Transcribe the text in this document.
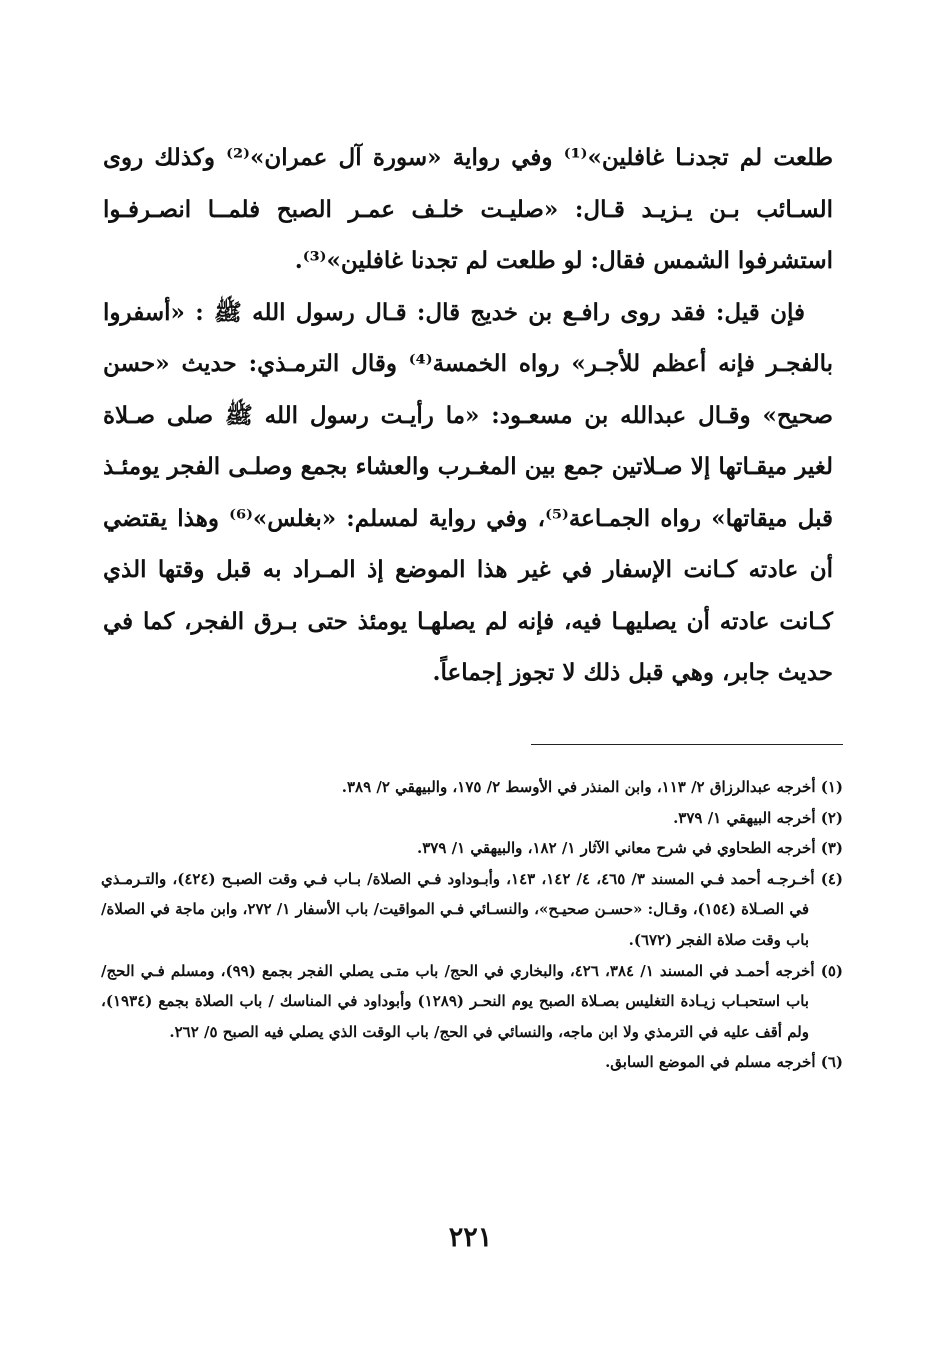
طلعت لم تجدنـا غافلين»⁽¹⁾ وفي رواية «سورة آل عمران»⁽²⁾ وكذلك روى السـائب بـن يـزيـد قـال: «صليـت خلـف عمـر الصبح فلمــا انصـرفـوا استشرفوا الشمس فقال: لو طلعت لم تجدنا غافلين»⁽³⁾.

فإن قيل: فقد روى رافـع بن خديج قال: قـال رسول الله ﷺ : «أسفروا بالفجـر فإنه أعظم للأجـر» رواه الخمسة⁽⁴⁾ وقال الترمـذي: حديث «حسن صحيح» وقـال عبدالله بن مسعـود: «ما رأيـت رسول الله ﷺ صلى صـلاة لغير ميقـاتها إلا صـلاتين جمع بين المغـرب والعشاء بجمع وصلـى الفجر يومئـذ قبل ميقاتها» رواه الجمـاعة⁽⁵⁾، وفي رواية لمسلم: «بغلس»⁽⁶⁾ وهذا يقتضي أن عادته كـانت الإسفار في غير هذا الموضع إذ المـراد به قبل وقتها الذي كـانت عادته أن يصليهـا فيه، فإنه لم يصلهـا يومئذ حتى بـرق الفجر، كما في حديث جابر، وهي قبل ذلك لا تجوز إجماعاً.

(١) أخرجه عبدالرزاق ٢/ ١١٣، وابن المنذر في الأوسط ٢/ ١٧٥، والبيهقي ٢/ ٣٨٩.
(٢) أخرجه البيهقي ١/ ٣٧٩.
(٣) أخرجه الطحاوي في شرح معاني الآثار ١/ ١٨٢، والبيهقي ١/ ٣٧٩.
(٤) أخـرجـه أحمد فـي المسند ٣/ ٤٦٥، ٤/ ١٤٢، ١٤٣، وأبـوداود فـي الصلاة/ بـاب فـي وقت الصبـح (٤٢٤)، والتـرمـذي في الصـلاة (١٥٤)، وقـال: «حسـن صحيـح»، والنسـائي فـي المواقيت/ باب الأسفار ١/ ٢٧٢، وابن ماجة في الصلاة/ باب وقت صلاة الفجر (٦٧٢).
(٥) أخرجه أحمـد في المسند ١/ ٣٨٤، ٤٢٦، والبخاري في الحج/ باب متـى يصلي الفجر بجمع (٩٩)، ومسلم فـي الحج/ باب استحبـاب زيـادة التغليس بصـلاة الصبح يوم النحـر (١٢٨٩) وأبوداود في المناسك / باب الصلاة بجمع (١٩٣٤)، ولم أقف عليه في الترمذي ولا ابن ماجه، والنسائي في الحج/ باب الوقت الذي يصلي فيه الصبح ٥/ ٢٦٢.
(٦) أخرجه مسلم في الموضع السابق.
٢٢١
